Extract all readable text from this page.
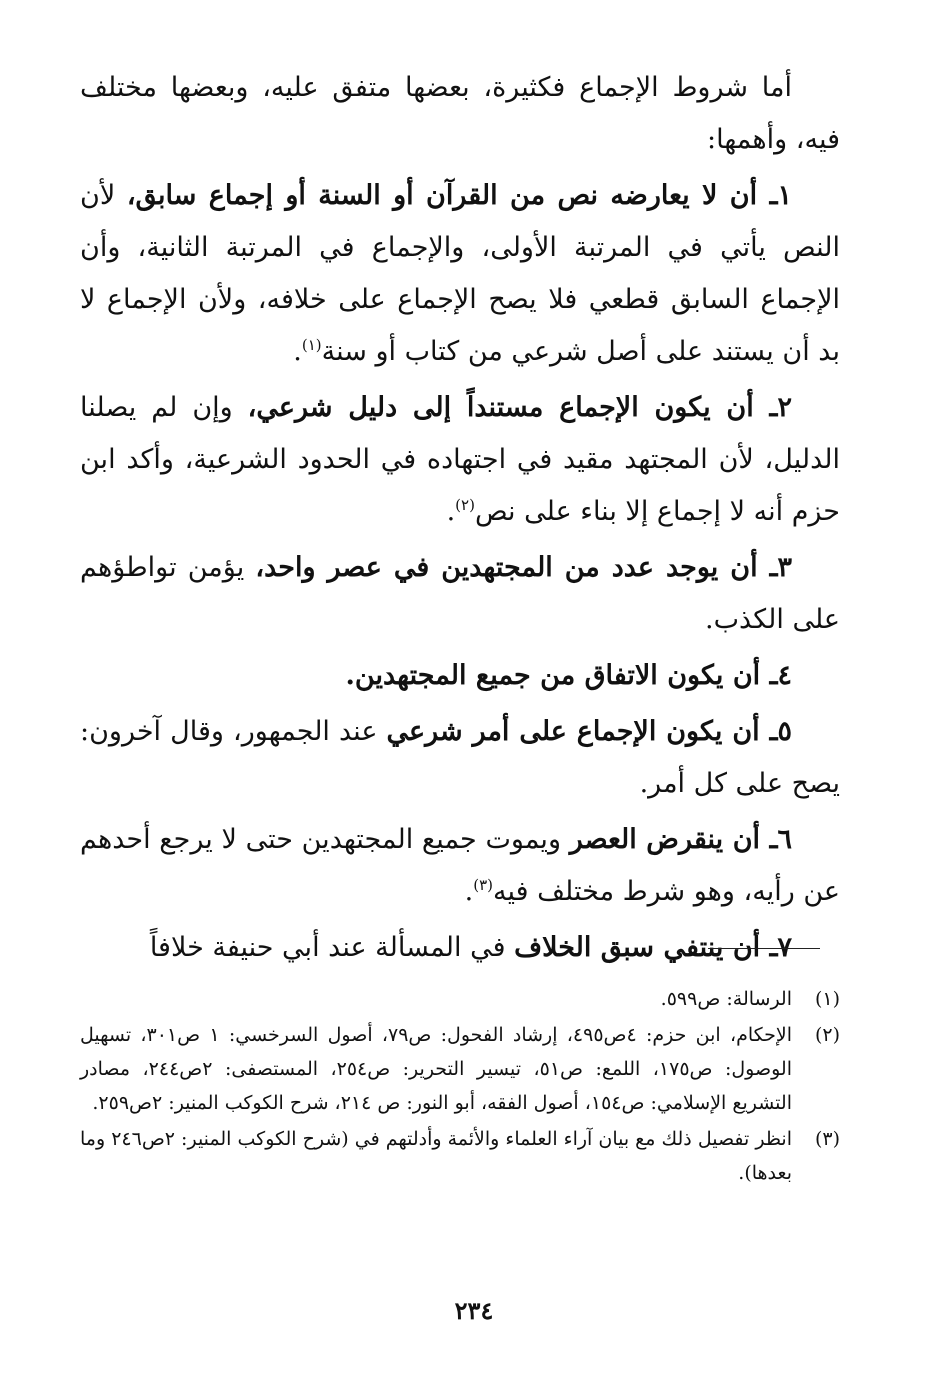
أما شروط الإجماع فكثيرة، بعضها متفق عليه، وبعضها مختلف فيه، وأهمها:

١ـ أن لا يعارضه نص من القرآن أو السنة أو إجماع سابق، لأن النص يأتي في المرتبة الأولى، والإجماع في المرتبة الثانية، وأن الإجماع السابق قطعي فلا يصح الإجماع على خلافه، ولأن الإجماع لا بد أن يستند على أصل شرعي من كتاب أو سنة$^{(١)}$.

٢ـ أن يكون الإجماع مستنداً إلى دليل شرعي، وإن لم يصلنا الدليل، لأن المجتهد مقيد في اجتهاده في الحدود الشرعية، وأكد ابن حزم أنه لا إجماع إلا بناء على نص$^{(٢)}$.

٣ـ أن يوجد عدد من المجتهدين في عصر واحد، يؤمن تواطؤهم على الكذب.

٤ـ أن يكون الاتفاق من جميع المجتهدين.

٥ـ أن يكون الإجماع على أمر شرعي عند الجمهور، وقال آخرون: يصح على كل أمر.

٦ـ أن ينقرض العصر ويموت جميع المجتهدين حتى لا يرجع أحدهم عن رأيه، وهو شرط مختلف فيه$^{(٣)}$.

٧ـ أن ينتفي سبق الخلاف في المسألة عند أبي حنيفة خلافاً

(١)
الرسالة: ص٥٩٩.
(٢)
الإحكام، ابن حزم: ٤ص٤٩٥، إرشاد الفحول: ص٧٩، أصول السرخسي: ١ ص٣٠١، تسهيل الوصول: ص١٧٥، اللمع: ص٥١، تيسير التحرير: ص٢٥٤، المستصفى: ٢ص٢٤٤، مصادر التشريع الإسلامي: ص١٥٤، أصول الفقه، أبو النور: ص ٢١٤، شرح الكوكب المنير: ٢ص٢٥٩.
(٣)
انظر تفصيل ذلك مع بيان آراء العلماء والأئمة وأدلتهم في (شرح الكوكب المنير: ٢ص٢٤٦ وما بعدها).
٢٣٤
